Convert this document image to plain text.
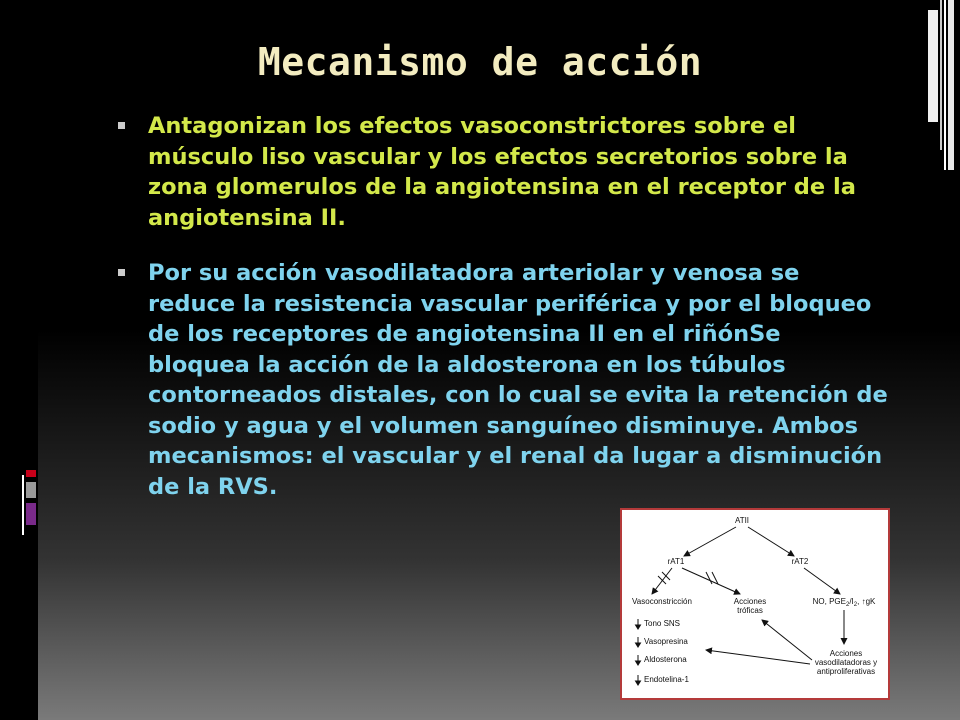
Mecanismo de acción
Antagonizan los efectos vasoconstrictores sobre el músculo liso vascular y los efectos secretorios sobre la zona glomerulos de la angiotensina en el receptor de la angiotensina II.
Por su acción vasodilatadora arteriolar y venosa se reduce la resistencia vascular periférica y por el bloqueo de los receptores de angiotensina II en el riñónSe bloquea la acción de la aldosterona en los túbulos contorneados distales, con lo cual se evita la retención de sodio y agua y el volumen sanguíneo disminuye. Ambos mecanismos: el vascular y el renal da lugar a disminución de la RVS.
ATII
rAT1	rAT2
Vasoconstricción	Acciones
tróficas
NO, $PGE_2/I_2$, ↑gK
Tono SNS
Vasopresina
Aldosterona
Endotelina-1
Acciones
vasodilatadoras y
antiproliferativas
